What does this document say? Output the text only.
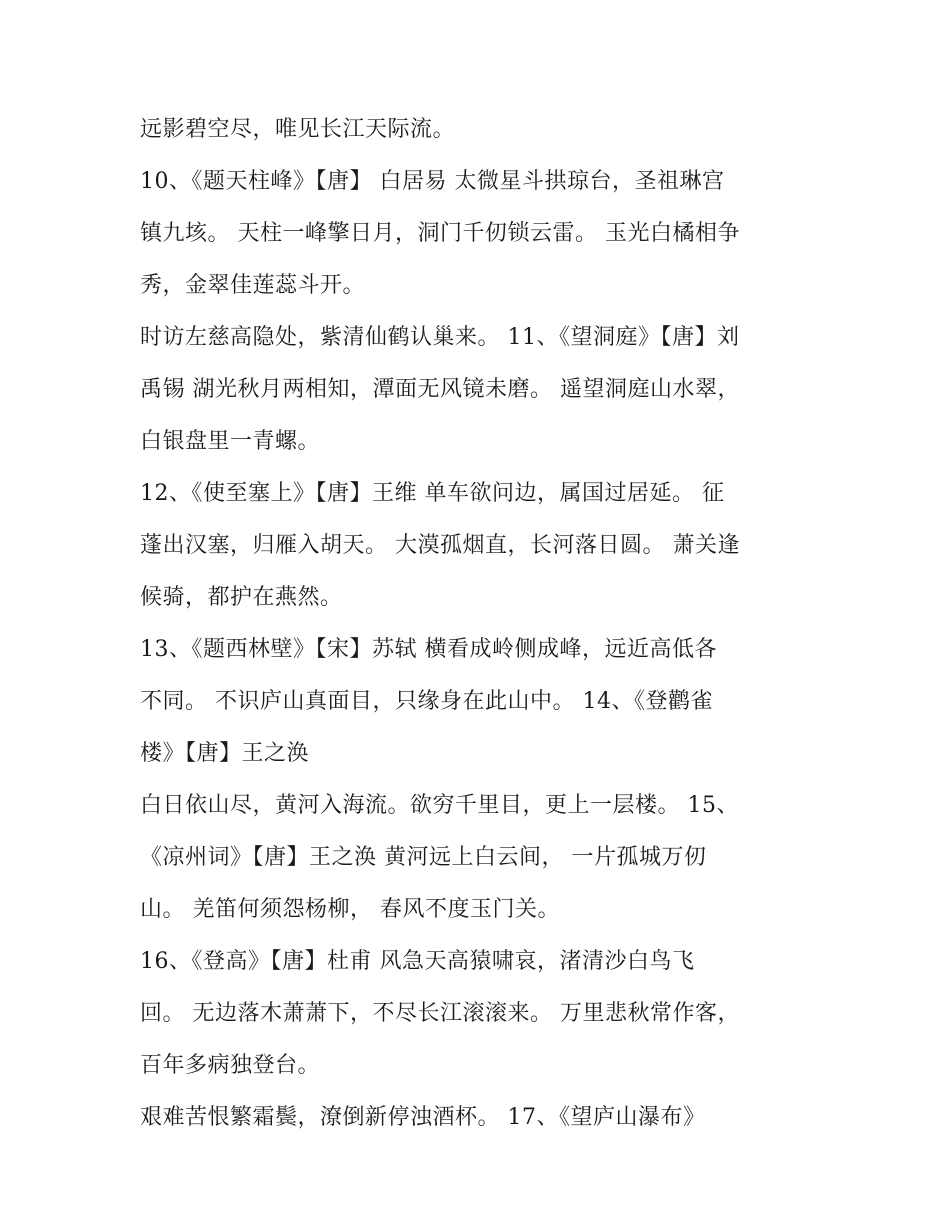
远影碧空尽，唯见长江天际流。
10、《题天柱峰》【唐】 白居易 太微星斗拱琼台，圣祖琳宫
镇九垓。 天柱一峰擎日月，洞门千仞锁云雷。 玉光白橘相争
秀，金翠佳莲蕊斗开。
时访左慈高隐处，紫清仙鹤认巢来。 11、《望洞庭》【唐】刘
禹锡 湖光秋月两相知，潭面无风镜未磨。 遥望洞庭山水翠，
白银盘里一青螺。
12、《使至塞上》【唐】王维 单车欲问边，属国过居延。 征
蓬出汉塞，归雁入胡天。 大漠孤烟直，长河落日圆。 萧关逢
候骑，都护在燕然。
13、《题西林壁》【宋】苏轼 横看成岭侧成峰，远近高低各
不同。 不识庐山真面目，只缘身在此山中。 14、《登鹳雀
楼》【唐】王之涣
白日依山尽，黄河入海流。欲穷千里目，更上一层楼。 15、
《凉州词》【唐】王之涣 黄河远上白云间， 一片孤城万仞
山。 羌笛何须怨杨柳， 春风不度玉门关。
16、《登高》【唐】杜甫 风急天高猿啸哀，渚清沙白鸟飞
回。 无边落木萧萧下，不尽长江滚滚来。 万里悲秋常作客，
百年多病独登台。
艰难苦恨繁霜鬓，潦倒新停浊酒杯。 17、《望庐山瀑布》
